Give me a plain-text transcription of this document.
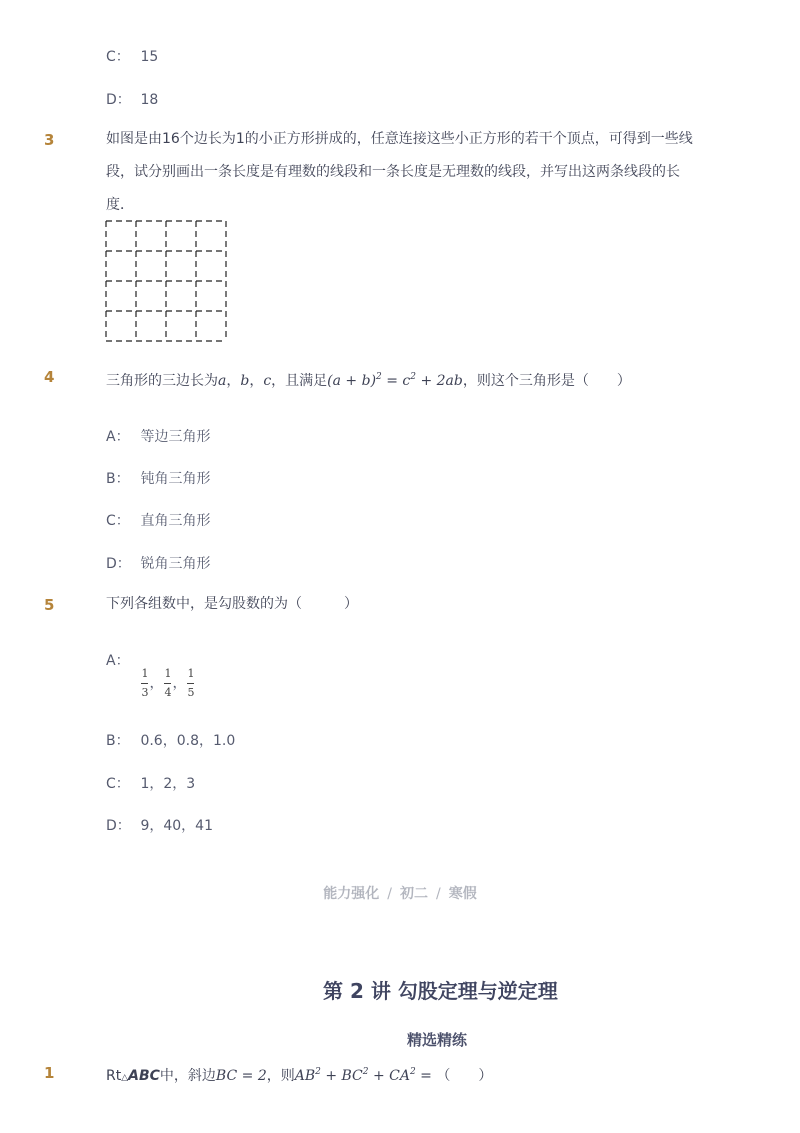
C： 15
D： 18
3	如图是由16个边长为1的小正方形拼成的，任意连接这些小正方形的若干个顶点，可得到一些线
段，试分别画出一条长度是有理数的线段和一条长度是无理数的线段，并写出这两条线段的长
度．
4	三角形的三边长为a，b，c，且满足$(a + b)^2 = c^2 + 2ab$，则这个三角形是（　　）
A： 等边三角形
B： 钝角三角形
C： 直角三角形
D： 锐角三角形
5	下列各组数中，是勾股数的为（　　　）
A：
$\frac{1}{3}$ ， $\frac{1}{4}$ ， $\frac{1}{5}$
B： 0.6，0.8，1.0
C： 1，2，3
D： 9，40，41
能力强化 / 初二 / 寒假
第 2 讲 勾股定理与逆定理
精选精练
1	Rt△ABC中，斜边BC = 2，则$AB^2 + BC^2 + CA^2$ = （　　）
